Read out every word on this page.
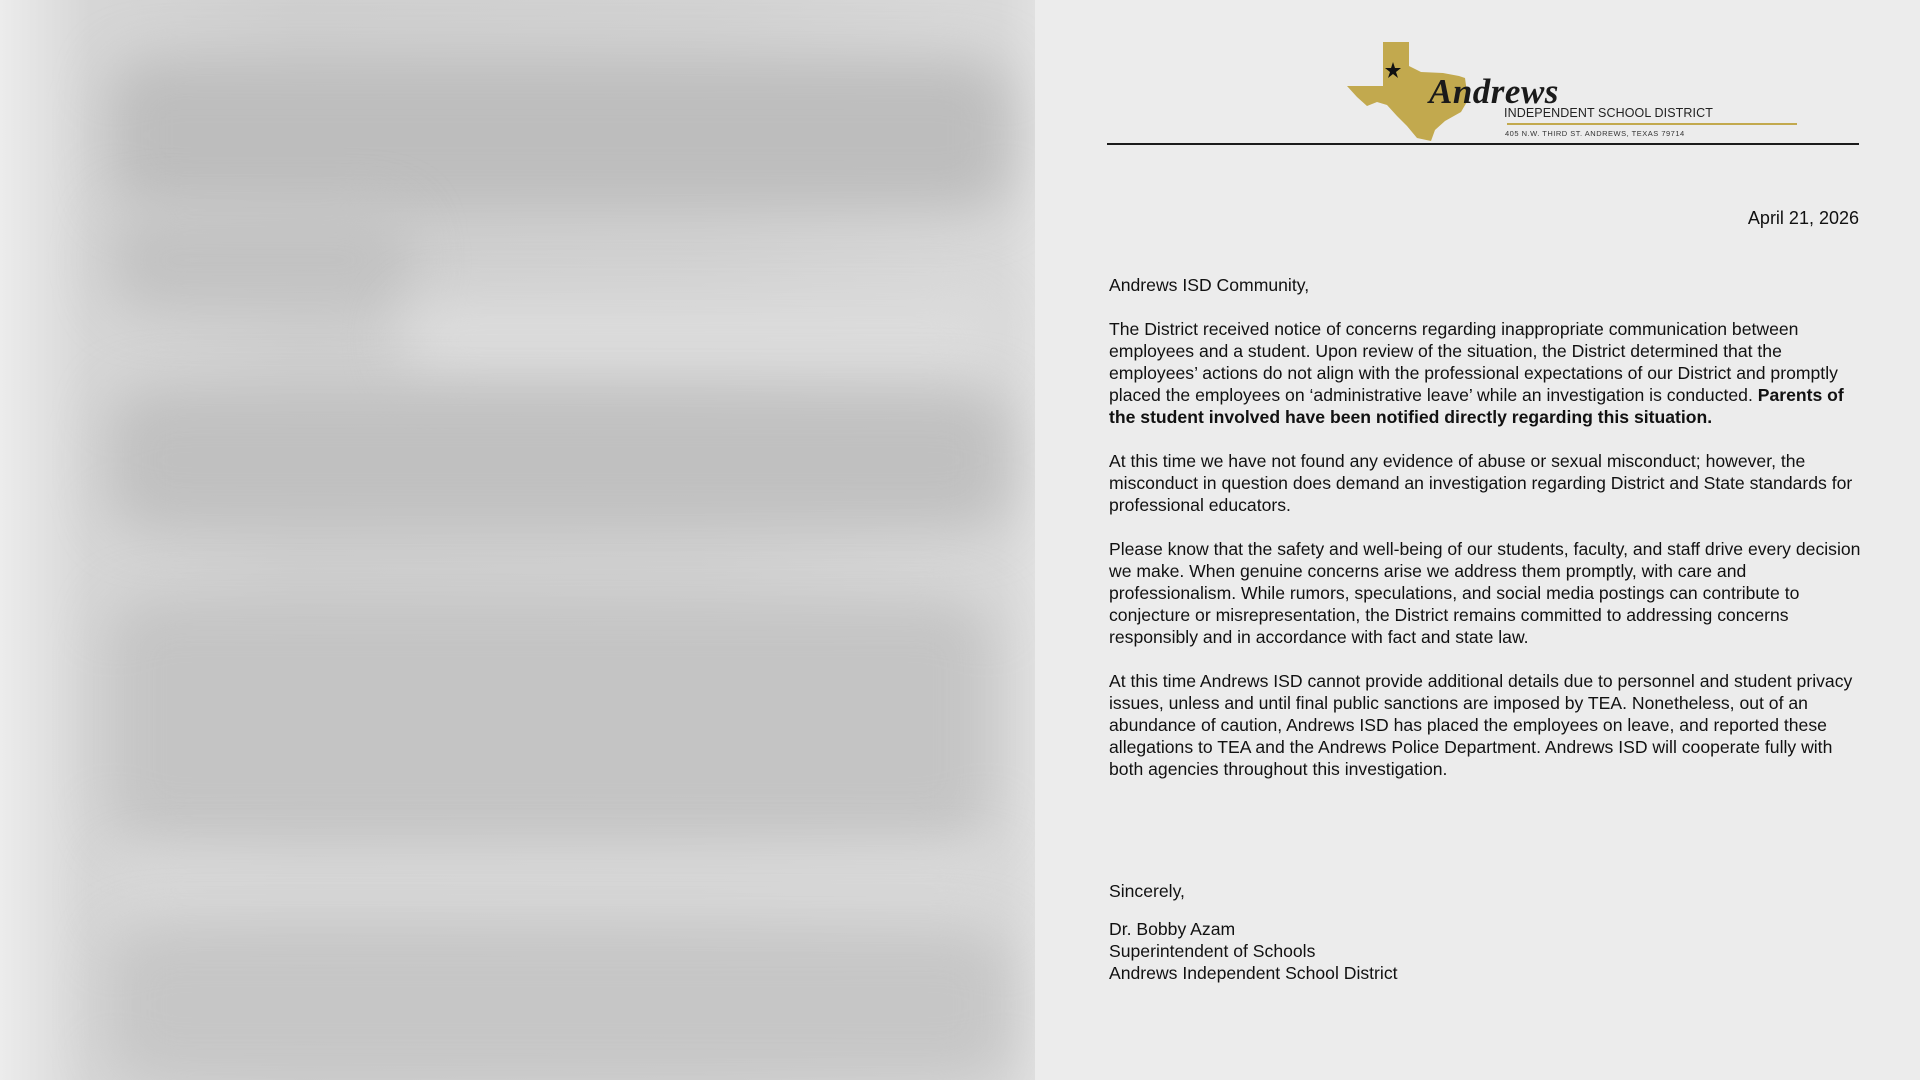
Andrews
INDEPENDENT SCHOOL DISTRICT
405 N.W. THIRD ST. ANDREWS, TEXAS 79714
April 21, 2026

Andrews ISD Community,

The District received notice of concerns regarding inappropriate communication between employees and a student. Upon review of the situation, the District determined that the employees’ actions do not align with the professional expectations of our District and promptly placed the employees on ‘administrative leave’ while an investigation is conducted. Parents of the student involved have been notified directly regarding this situation.

At this time we have not found any evidence of abuse or sexual misconduct; however, the misconduct in question does demand an investigation regarding District and State standards for professional educators.

Please know that the safety and well-being of our students, faculty, and staff drive every decision we make. When genuine concerns arise we address them promptly, with care and professionalism. While rumors, speculations, and social media postings can contribute to conjecture or misrepresentation, the District remains committed to addressing concerns responsibly and in accordance with fact and state law.

At this time Andrews ISD cannot provide additional details due to personnel and student privacy issues, unless and until final public sanctions are imposed by TEA. Nonetheless, out of an abundance of caution, Andrews ISD has placed the employees on leave, and reported these allegations to TEA and the Andrews Police Department. Andrews ISD will cooperate fully with both agencies throughout this investigation.

Sincerely,
Dr. Bobby Azam
Superintendent of Schools
Andrews Independent School District
